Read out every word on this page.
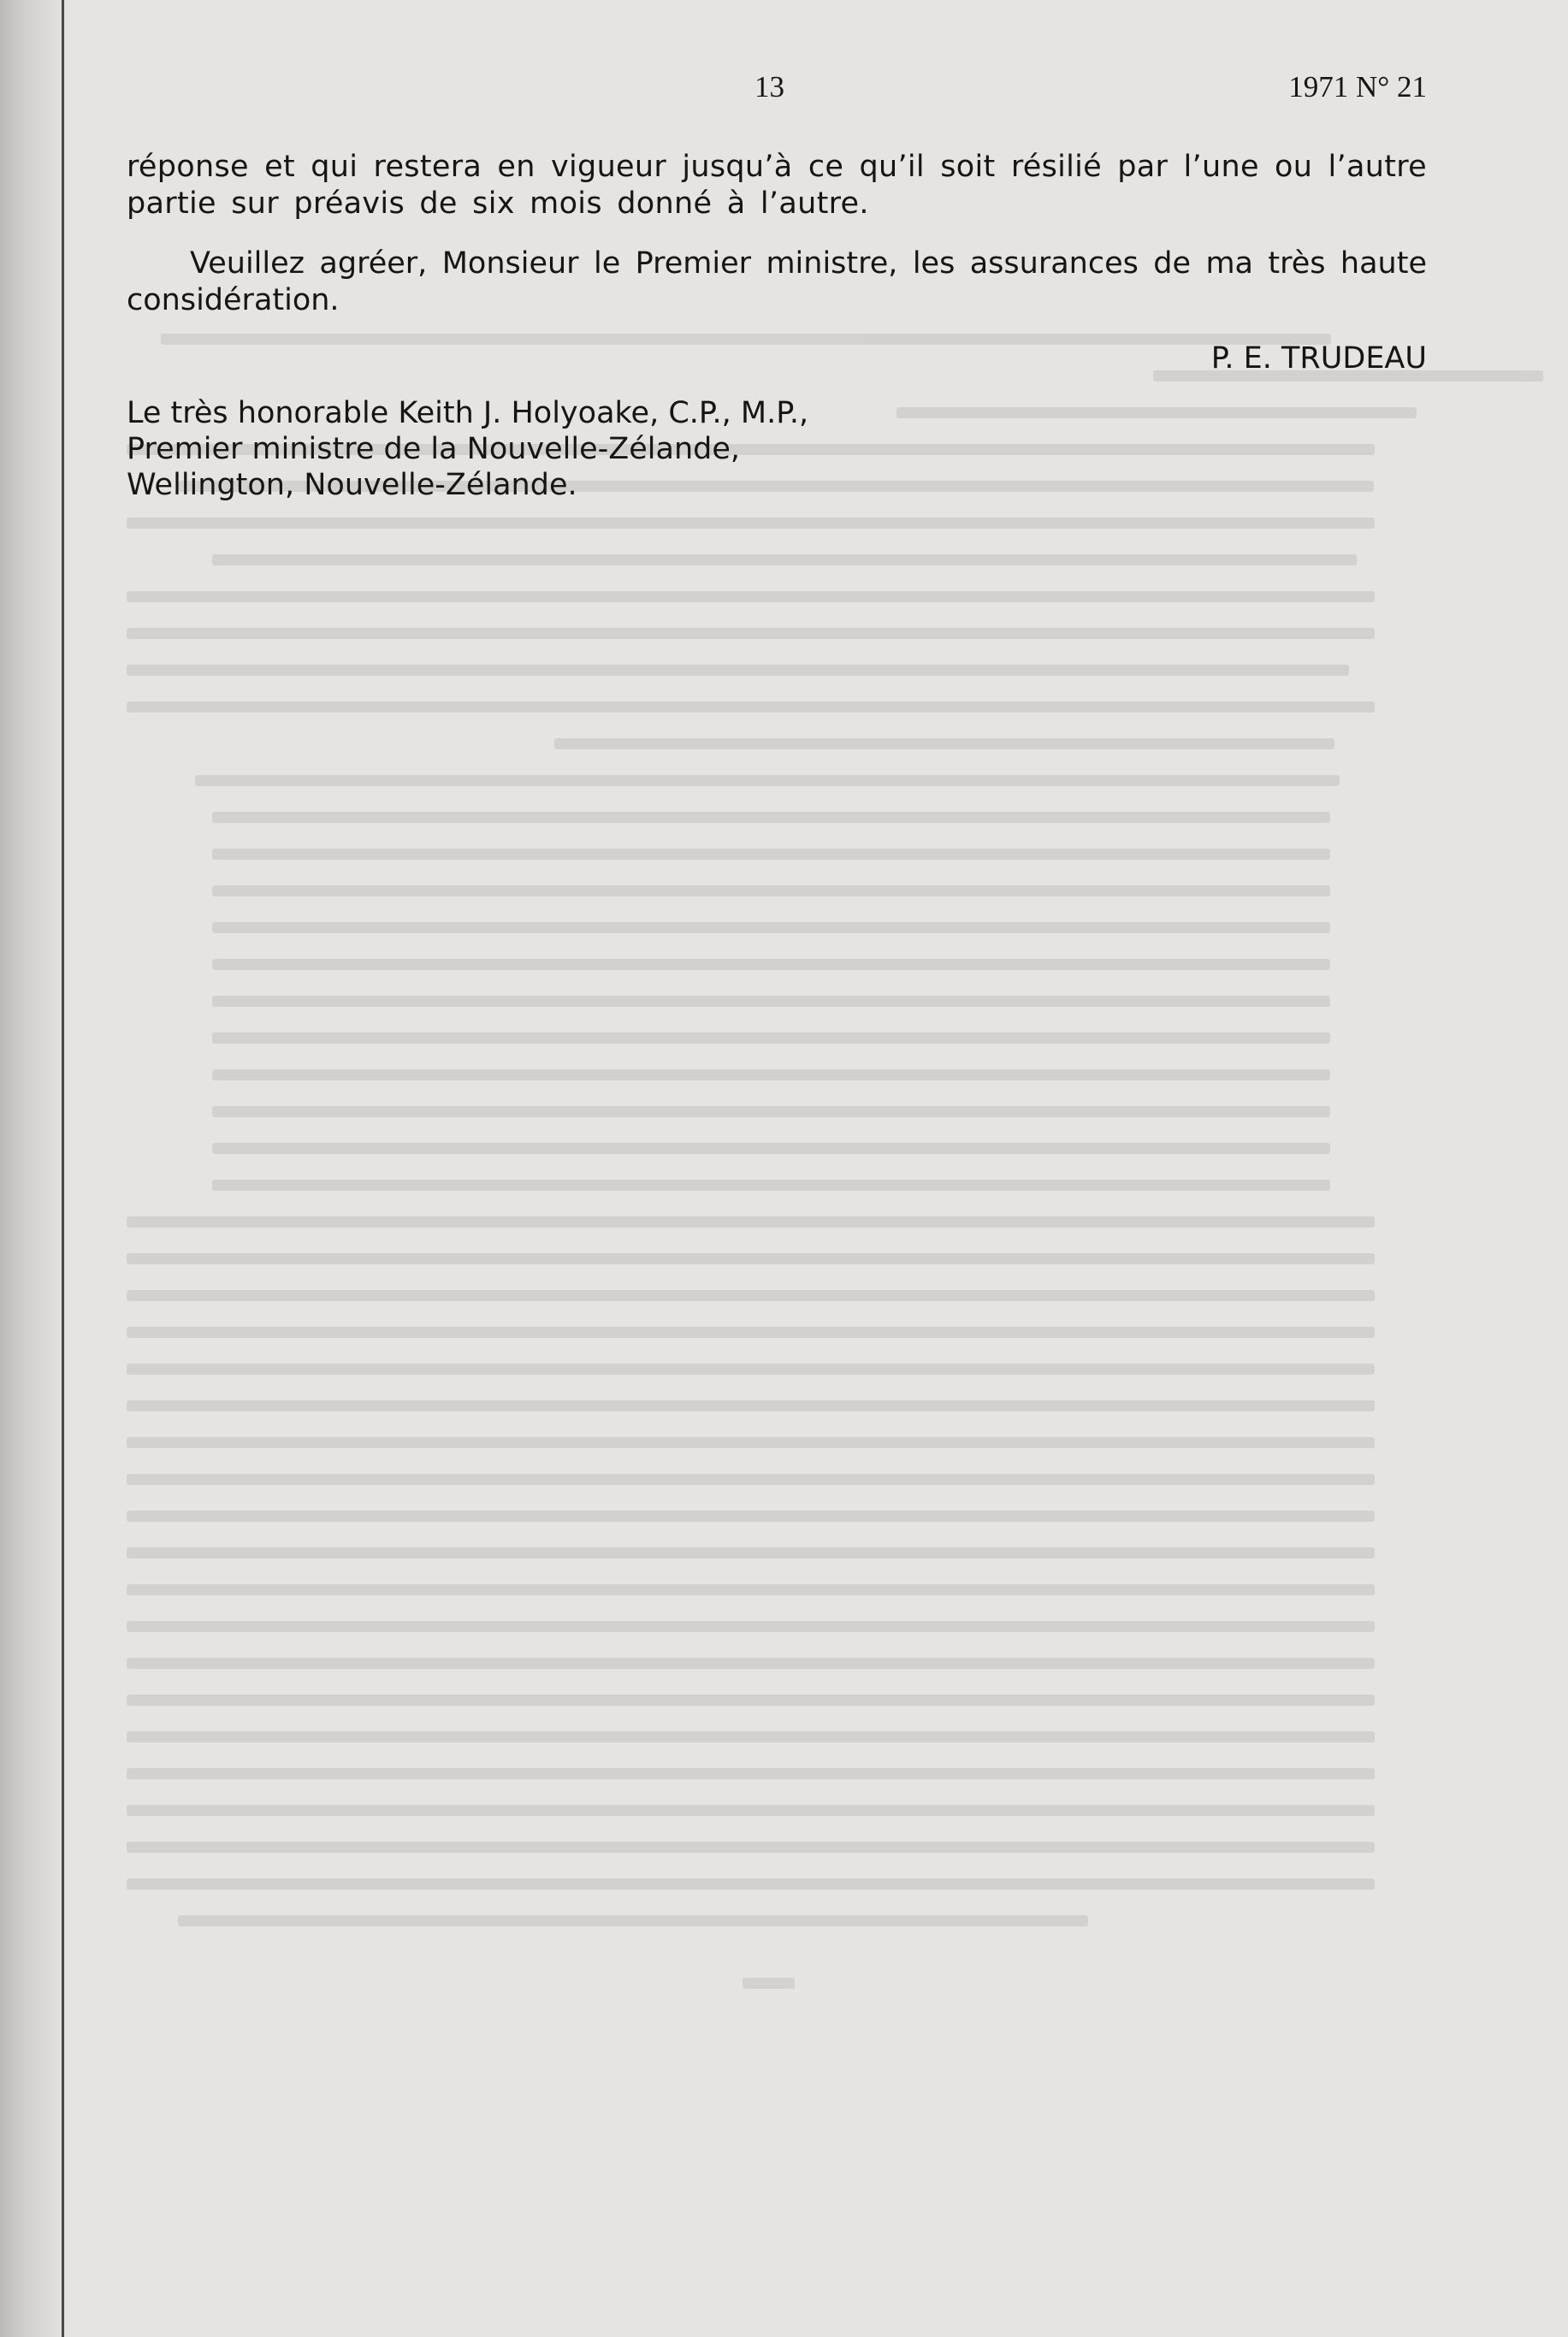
13	1971 N° 21
réponse et qui restera en vigueur jusqu’à ce qu’il soit résilié par l’une ou l’autre partie sur préavis de six mois donné à l’autre.
Veuillez agréer, Monsieur le Premier ministre, les assurances de ma très haute considération.
P. E. TRUDEAU
Le très honorable Keith J. Holyoake, C.P., M.P.,
Premier ministre de la Nouvelle-Zélande,
Wellington, Nouvelle-Zélande.
